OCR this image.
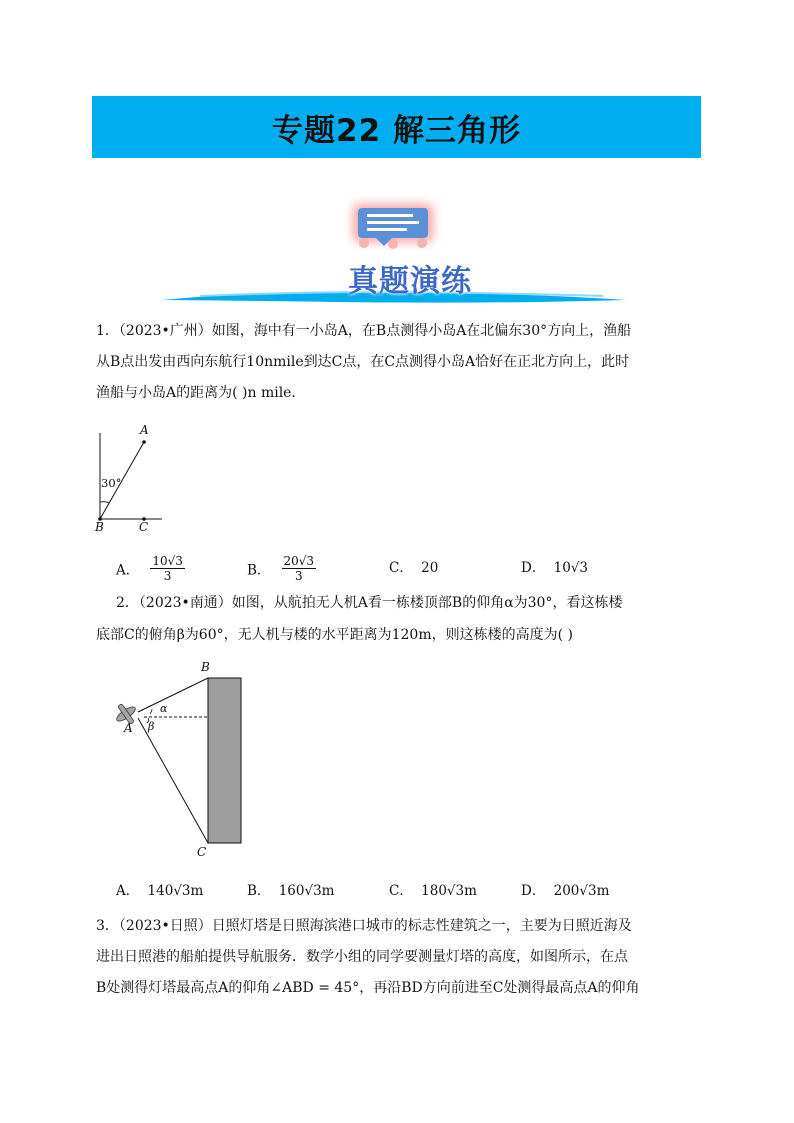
专题22 解三角形
真题演练
1．（2023•广州）如图，海中有一小岛A，在B点测得小岛A在北偏东30°方向上，渔船
从B点出发由西向东航行10nmile到达C点，在C点测得小岛A恰好在正北方向上，此时
渔船与小岛A的距离为( )n mile．
A
30°
B	C
A． $\frac{10√3}{3}$	B． $\frac{20√3}{3}$	C． 20	D． 10√3
2．（2023•南通）如图，从航拍无人机A看一栋楼顶部B的仰角α为30°，看这栋楼
底部C的俯角β为60°，无人机与楼的水平距离为120m，则这栋楼的高度为( )
B
α
A β
C
A． 140√3m	B． 160√3m	C． 180√3m	D． 200√3m
3．（2023•日照）日照灯塔是日照海滨港口城市的标志性建筑之一，主要为日照近海及
进出日照港的船舶提供导航服务．数学小组的同学要测量灯塔的高度，如图所示，在点
B处测得灯塔最高点A的仰角∠ABD = 45°，再沿BD方向前进至C处测得最高点A的仰角
